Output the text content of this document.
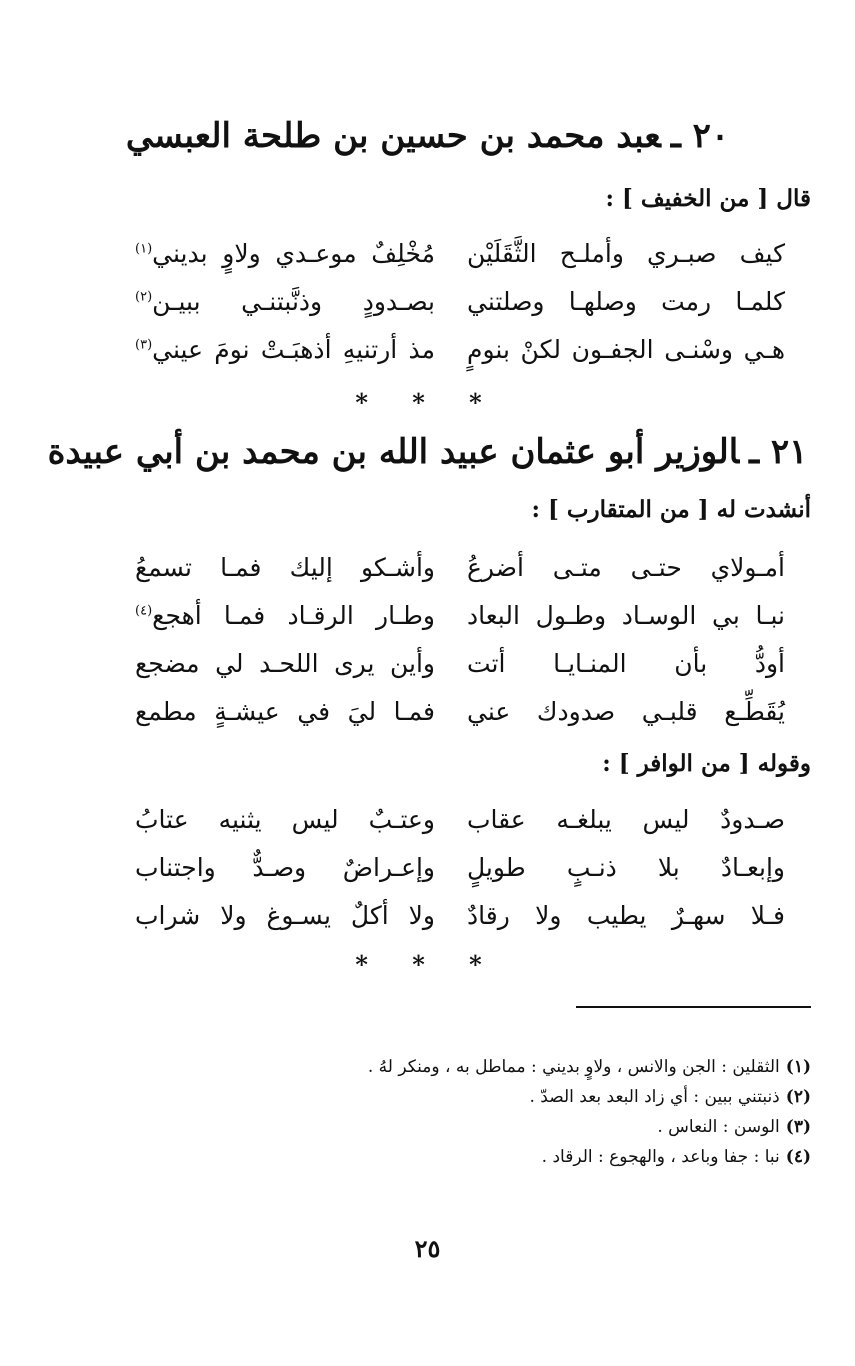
٢٠ ـعبد محمد بن حسين بن طلحة العبسي
قال [ من الخفيف ] :
كيف صبـري وأملـح الثَّقَلَيْن
مُخْلِفٌ موعـدي ولاوٍ بديني$^{(١)}$
كلمـا رمت وصلهـا وصلتني
بصـدودٍ وذنَّبتنـي ببيـن$^{(٢)}$
هـي وسْنـى الجفـون لكنْ بنومٍ
مذ أرتنيهِ أذهبَـتْ نومَ عيني$^{(٣)}$
* * *
٢١ ـالوزير أبو عثمان عبيد الله بن محمد بن أبي عبيدة
أنشدت له [ من المتقارب ] :
أمـولاي حتـى متـى أضرعُ
وأشـكو إليك فمـا تسمعُ
نبـا بي الوسـاد وطـول البعاد
وطـار الرقـاد فمـا أهجع$^{(٤)}$
أودُّ بأن المنـايـا أتت
وأين يرى اللحـد لي مضجع
يُقَطِّـع قلبـي صدودك عني
فمـا ليَ في عيشـةٍ مطمع
وقوله [ من الوافر ] :
صـدودٌ ليس يبلغـه عقاب
وعتـبٌ ليس يثنيه عتابُ
وإبعـادٌ بلا ذنـبٍ طويلٍ
وإعـراضٌ وصـدٌّ واجتناب
فـلا سهـرٌ يطيب ولا رقادٌ
ولا أكلٌ يسـوغ ولا شراب
* * *
(١)الثقلين : الجن والانس ، ولاوٍ بديني : مماطل به ، ومنكر لهُ .
(٢)ذنبتني ببين : أي زاد البعد بعد الصدّ .
(٣)الوسن : النعاس .
(٤)نبا : جفا وباعد ، والهجوع : الرقاد .
٢٥
